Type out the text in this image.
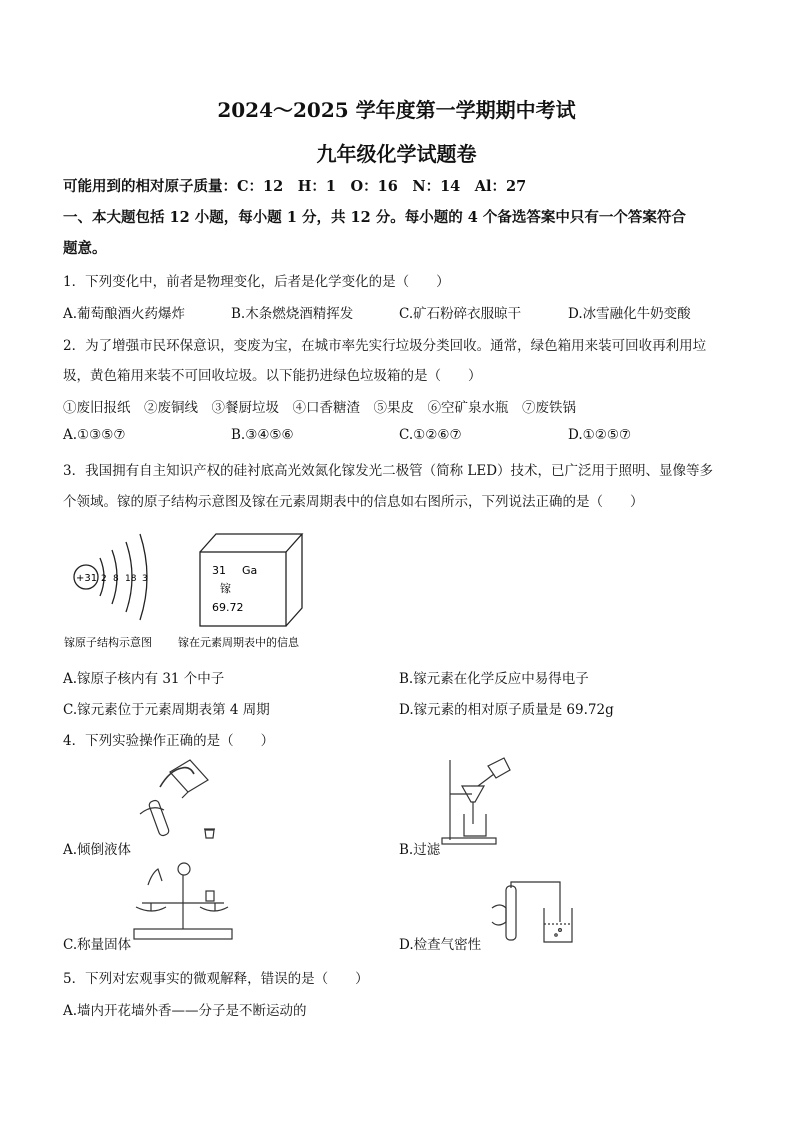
2024～2025 学年度第一学期期中考试
九年级化学试题卷
可能用到的相对原子质量：C：12　H：1　O：16　N：14　Al：27
一、本大题包括 12 小题，每小题 1 分，共 12 分。每小题的 4 个备选答案中只有一个答案符合
题意。
1．下列变化中，前者是物理变化，后者是化学变化的是（　　）
A.葡萄酿酒火药爆炸	B.木条燃烧酒精挥发	C.矿石粉碎衣服晾干	D.冰雪融化牛奶变酸
2．为了增强市民环保意识，变废为宝，在城市率先实行垃圾分类回收。通常，绿色箱用来装可回收再利用垃
圾，黄色箱用来装不可回收垃圾。以下能扔进绿色垃圾箱的是（　　）
①废旧报纸　②废铜线　③餐厨垃圾　④口香糖渣　⑤果皮　⑥空矿泉水瓶　⑦废铁锅
A.①③⑤⑦	B.③④⑤⑥	C.①②⑥⑦	D.①②⑤⑦
3．我国拥有自主知识产权的硅衬底高光效氮化镓发光二极管（简称 LED）技术，已广泛用于照明、显像等多
个领域。镓的原子结构示意图及镓在元素周期表中的信息如右图所示，下列说法正确的是（　　）
+31 2 8 18 3
31 Ga
镓
69.72
镓原子结构示意图 镓在元素周期表中的信息
A.镓原子核内有 31 个中子	B.镓元素在化学反应中易得电子
C.镓元素位于元素周期表第 4 周期	D.镓元素的相对原子质量是 69.72g
4．下列实验操作正确的是（　　）
A.倾倒液体	B.过滤
C.称量固体	D.检查气密性
5．下列对宏观事实的微观解释，错误的是（　　）
A.墙内开花墙外香——分子是不断运动的
